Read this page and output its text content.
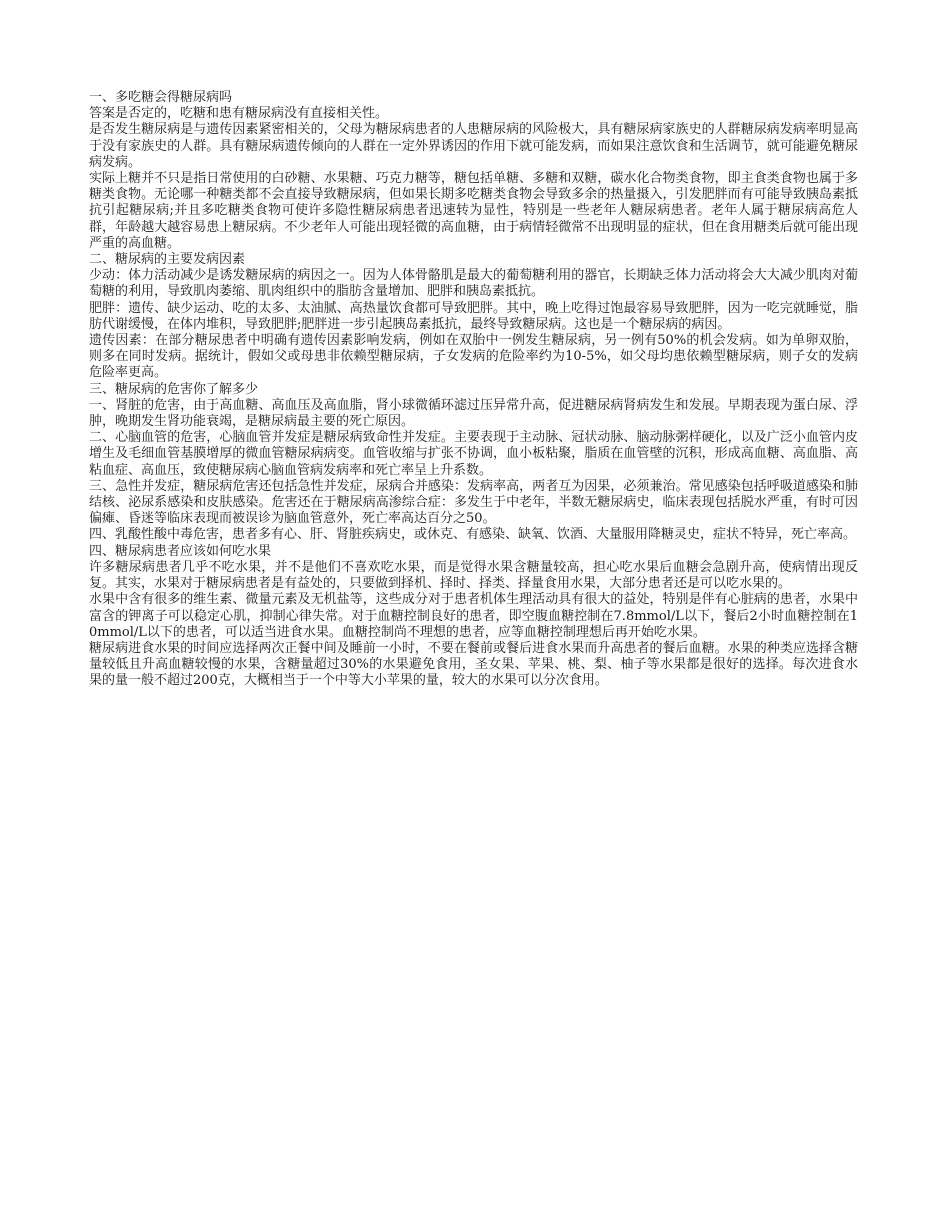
一、多吃糖会得糖尿病吗

答案是否定的，吃糖和患有糖尿病没有直接相关性。

是否发生糖尿病是与遗传因素紧密相关的，父母为糖尿病患者的人患糖尿病的风险极大，具有糖尿病家族史的人群糖尿病发病率明显高于没有家族史的人群。具有糖尿病遗传倾向的人群在一定外界诱因的作用下就可能发病，而如果注意饮食和生活调节，就可能避免糖尿病发病。

实际上糖并不只是指日常使用的白砂糖、水果糖、巧克力糖等，糖包括单糖、多糖和双糖，碳水化合物类食物，即主食类食物也属于多糖类食物。无论哪一种糖类都不会直接导致糖尿病，但如果长期多吃糖类食物会导致多余的热量摄入，引发肥胖而有可能导致胰岛素抵抗引起糖尿病;并且多吃糖类食物可使许多隐性糖尿病患者迅速转为显性，特别是一些老年人糖尿病患者。老年人属于糖尿病高危人群，年龄越大越容易患上糖尿病。不少老年人可能出现轻微的高血糖，由于病情轻微常不出现明显的症状，但在食用糖类后就可能出现严重的高血糖。

二、糖尿病的主要发病因素

少动：体力活动减少是诱发糖尿病的病因之一。因为人体骨骼肌是最大的葡萄糖利用的器官，长期缺乏体力活动将会大大减少肌肉对葡萄糖的利用，导致肌肉萎缩、肌肉组织中的脂肪含量增加、肥胖和胰岛素抵抗。

肥胖：遗传、缺少运动、吃的太多、太油腻、高热量饮食都可导致肥胖。其中，晚上吃得过饱最容易导致肥胖，因为一吃完就睡觉，脂肪代谢缓慢，在体内堆积，导致肥胖;肥胖进一步引起胰岛素抵抗，最终导致糖尿病。这也是一个糖尿病的病因。

遗传因素：在部分糖尿患者中明确有遗传因素影响发病，例如在双胎中一例发生糖尿病，另一例有50%的机会发病。如为单卵双胎，则多在同时发病。据统计，假如父或母患非依赖型糖尿病，子女发病的危险率约为10-5%，如父母均患依赖型糖尿病，则子女的发病危险率更高。

三、糖尿病的危害你了解多少

一、肾脏的危害，由于高血糖、高血压及高血脂，肾小球微循环滤过压异常升高，促进糖尿病肾病发生和发展。早期表现为蛋白尿、浮肿，晚期发生肾功能衰竭，是糖尿病最主要的死亡原因。

二、心脑血管的危害，心脑血管并发症是糖尿病致命性并发症。主要表现于主动脉、冠状动脉、脑动脉粥样硬化，以及广泛小血管内皮增生及毛细血管基膜增厚的微血管糖尿病病变。血管收缩与扩张不协调，血小板粘聚，脂质在血管壁的沉积，形成高血糖、高血脂、高粘血症、高血压，致使糖尿病心脑血管病发病率和死亡率呈上升系数。

三、急性并发症，糖尿病危害还包括急性并发症，尿病合并感染：发病率高，两者互为因果，必须兼治。常见感染包括呼吸道感染和肺结核、泌尿系感染和皮肤感染。危害还在于糖尿病高渗综合症：多发生于中老年，半数无糖尿病史，临床表现包括脱水严重，有时可因偏瘫、昏迷等临床表现而被误诊为脑血管意外，死亡率高达百分之50。

四、乳酸性酸中毒危害，患者多有心、肝、肾脏疾病史，或休克、有感染、缺氧、饮酒、大量服用降糖灵史，症状不特异，死亡率高。

四、糖尿病患者应该如何吃水果

许多糖尿病患者几乎不吃水果，并不是他们不喜欢吃水果，而是觉得水果含糖量较高，担心吃水果后血糖会急剧升高，使病情出现反复。其实，水果对于糖尿病患者是有益处的，只要做到择机、择时、择类、择量食用水果，大部分患者还是可以吃水果的。

水果中含有很多的维生素、微量元素及无机盐等，这些成分对于患者机体生理活动具有很大的益处，特别是伴有心脏病的患者，水果中富含的钾离子可以稳定心肌，抑制心律失常。对于血糖控制良好的患者，即空腹血糖控制在7.8mmol/L以下，餐后2小时血糖控制在10mmol/L以下的患者，可以适当进食水果。血糖控制尚不理想的患者，应等血糖控制理想后再开始吃水果。

糖尿病进食水果的时间应选择两次正餐中间及睡前一小时，不要在餐前或餐后进食水果而升高患者的餐后血糖。水果的种类应选择含糖量较低且升高血糖较慢的水果，含糖量超过30%的水果避免食用，圣女果、苹果、桃、梨、柚子等水果都是很好的选择。每次进食水果的量一般不超过200克，大概相当于一个中等大小苹果的量，较大的水果可以分次食用。
